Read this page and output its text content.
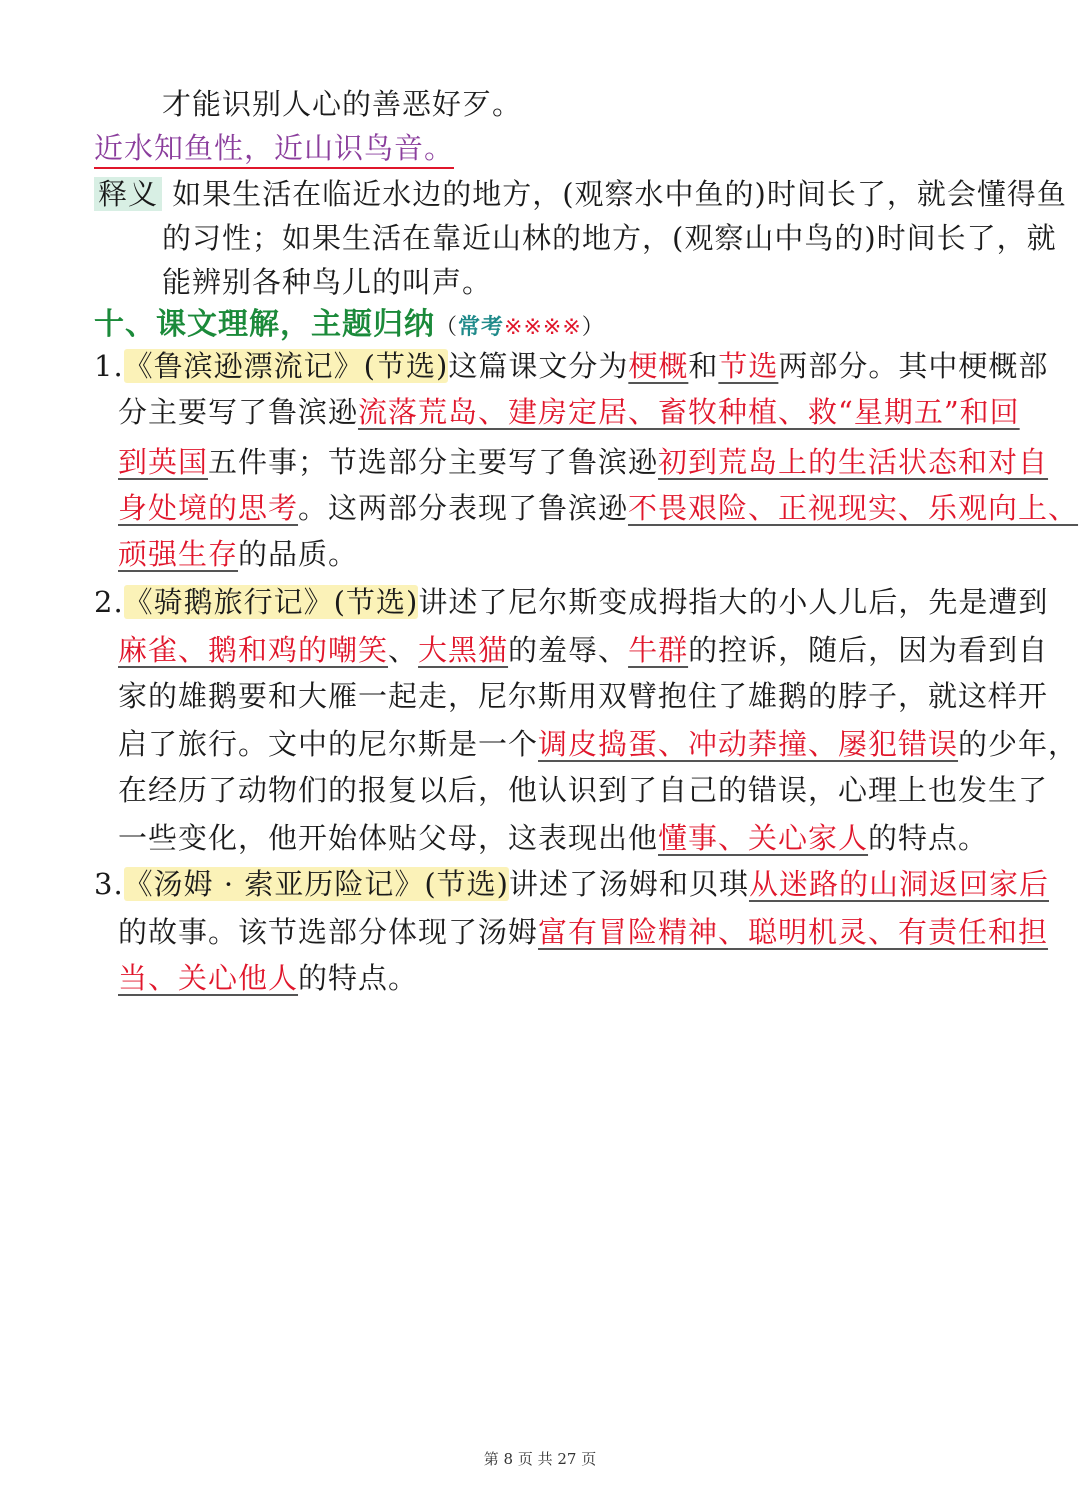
才能识别人心的善恶好歹。
近水知鱼性，近山识鸟音。
释义 如果生活在临近水边的地方，(观察水中鱼的)时间长了，就会懂得鱼
的习性；如果生活在靠近山林的地方，(观察山中鸟的)时间长了，就
能辨别各种鸟儿的叫声。
十、课文理解，主题归纳（常考※※※※）
1.《鲁滨逊漂流记》(节选)这篇课文分为梗概和节选两部分。其中梗概部
分主要写了鲁滨逊流落荒岛、建房定居、畜牧种植、救“星期五”和回
到英国五件事；节选部分主要写了鲁滨逊初到荒岛上的生活状态和对自
身处境的思考。这两部分表现了鲁滨逊不畏艰险、正视现实、乐观向上、
顽强生存的品质。
2.《骑鹅旅行记》(节选)讲述了尼尔斯变成拇指大的小人儿后，先是遭到
麻雀、鹅和鸡的嘲笑、大黑猫的羞辱、牛群的控诉，随后，因为看到自
家的雄鹅要和大雁一起走，尼尔斯用双臂抱住了雄鹅的脖子，就这样开
启了旅行。文中的尼尔斯是一个调皮捣蛋、冲动莽撞、屡犯错误的少年，
在经历了动物们的报复以后，他认识到了自己的错误，心理上也发生了
一些变化，他开始体贴父母，这表现出他懂事、关心家人的特点。
3.《汤姆 · 索亚历险记》(节选)讲述了汤姆和贝琪从迷路的山洞返回家后
的故事。该节选部分体现了汤姆富有冒险精神、聪明机灵、有责任和担
当、关心他人的特点。
第 8 页 共 27 页
